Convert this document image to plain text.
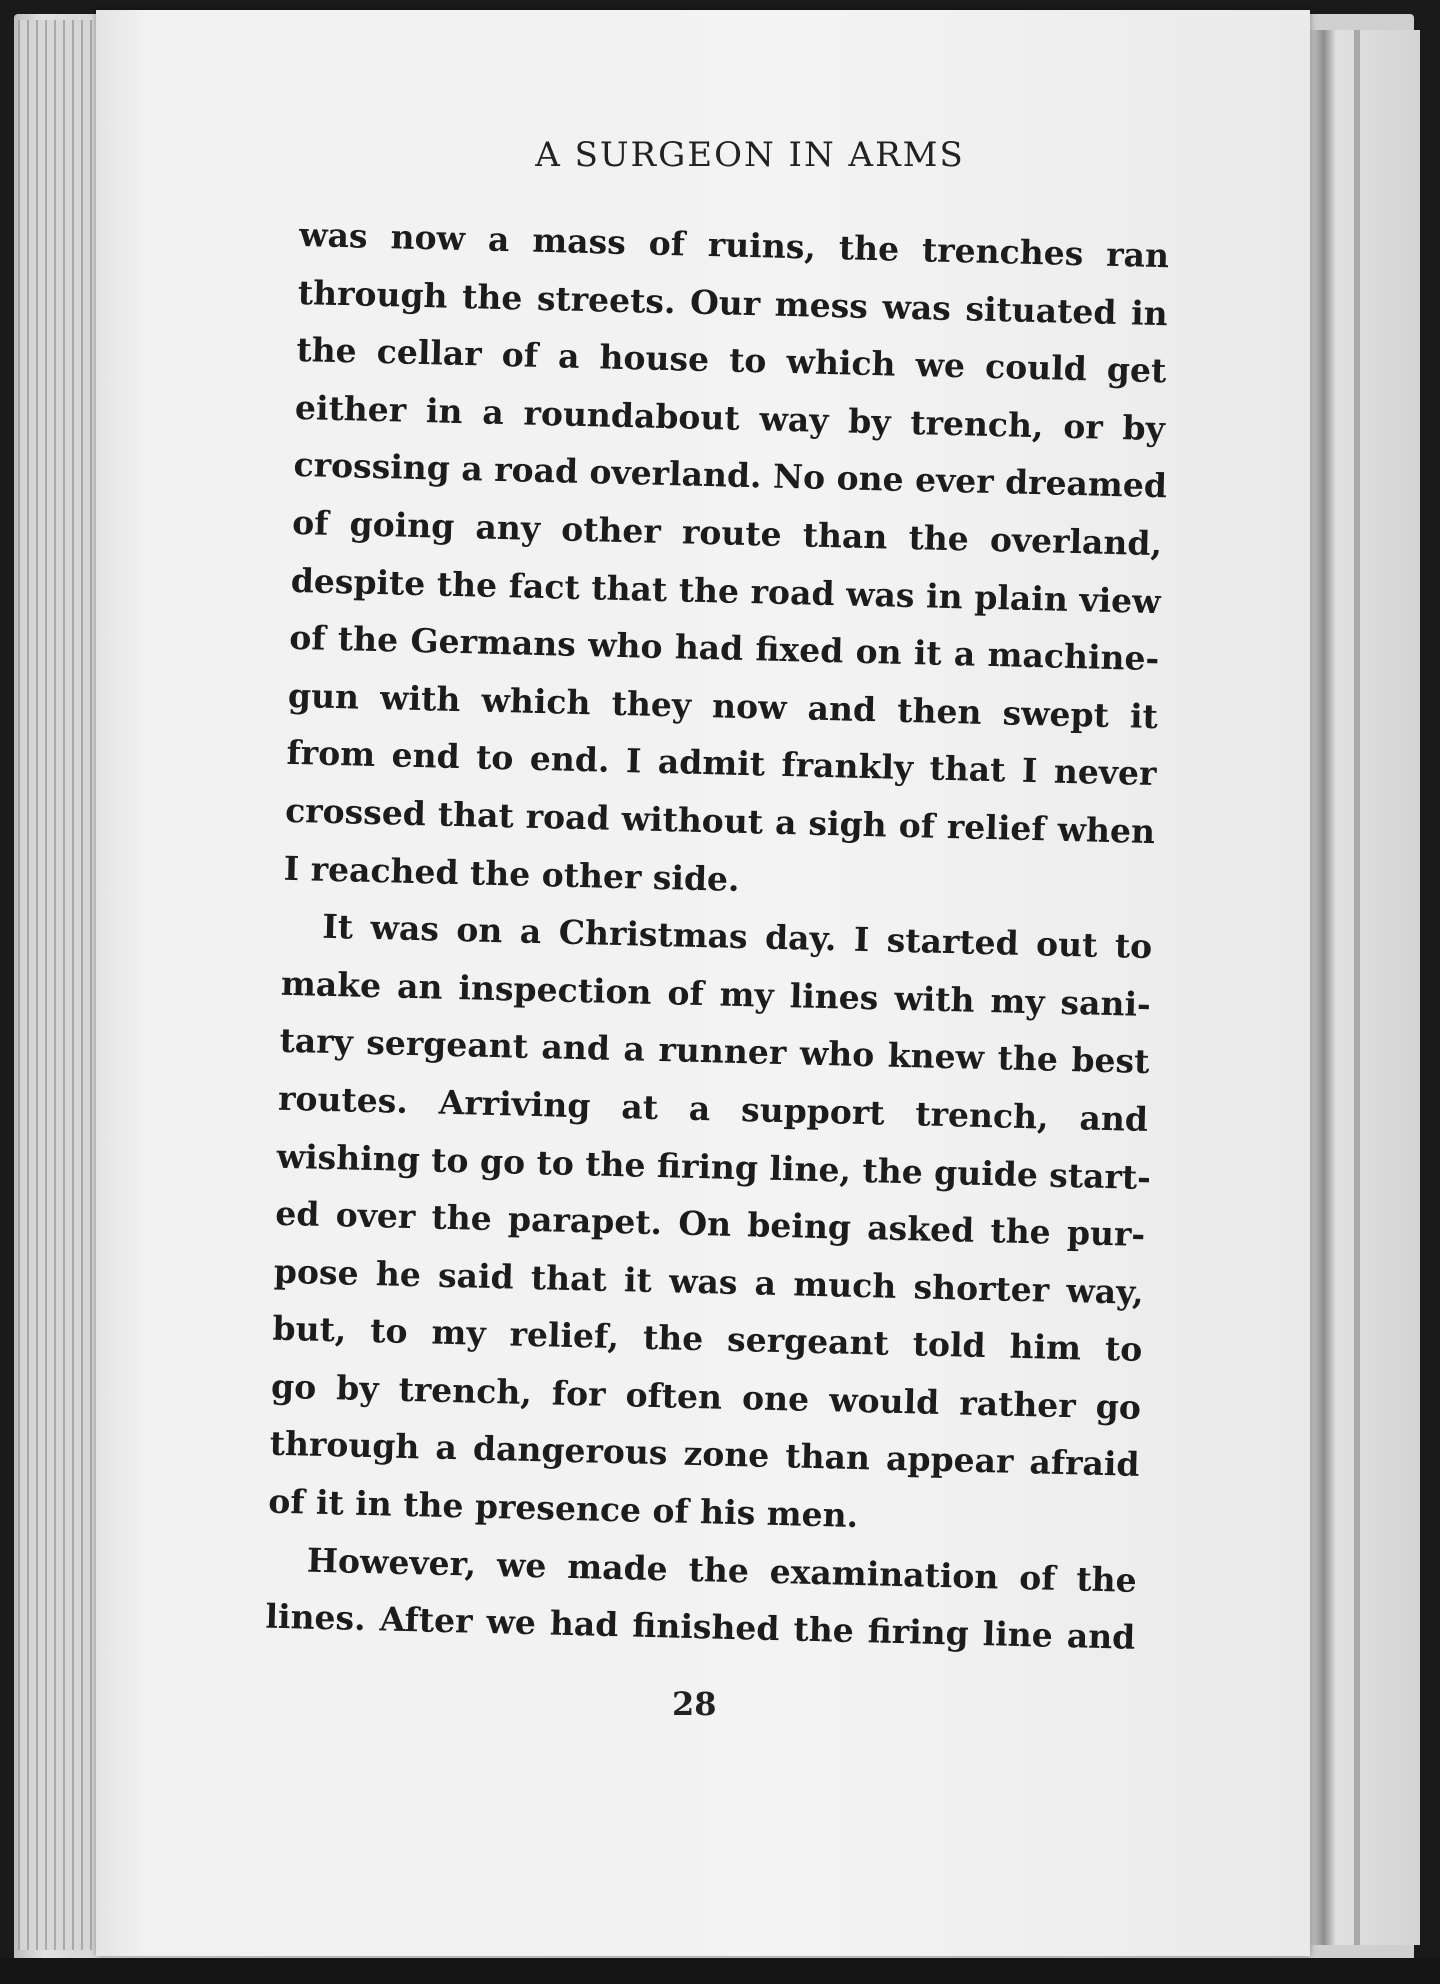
A SURGEON IN ARMS
was now a mass of ruins, the trenches ran
through the streets. Our mess was situated in
the cellar of a house to which we could get
either in a roundabout way by trench, or by
crossing a road overland. No one ever dreamed
of going any other route than the overland,
despite the fact that the road was in plain view
of the Germans who had fixed on it a machine-
gun with which they now and then swept it
from end to end. I admit frankly that I never
crossed that road without a sigh of relief when
I reached the other side.
It was on a Christmas day. I started out to
make an inspection of my lines with my sani-
tary sergeant and a runner who knew the best
routes. Arriving at a support trench, and
wishing to go to the firing line, the guide start-
ed over the parapet. On being asked the pur-
pose he said that it was a much shorter way,
but, to my relief, the sergeant told him to
go by trench, for often one would rather go
through a dangerous zone than appear afraid
of it in the presence of his men.
However, we made the examination of the
lines. After we had finished the firing line and
28
